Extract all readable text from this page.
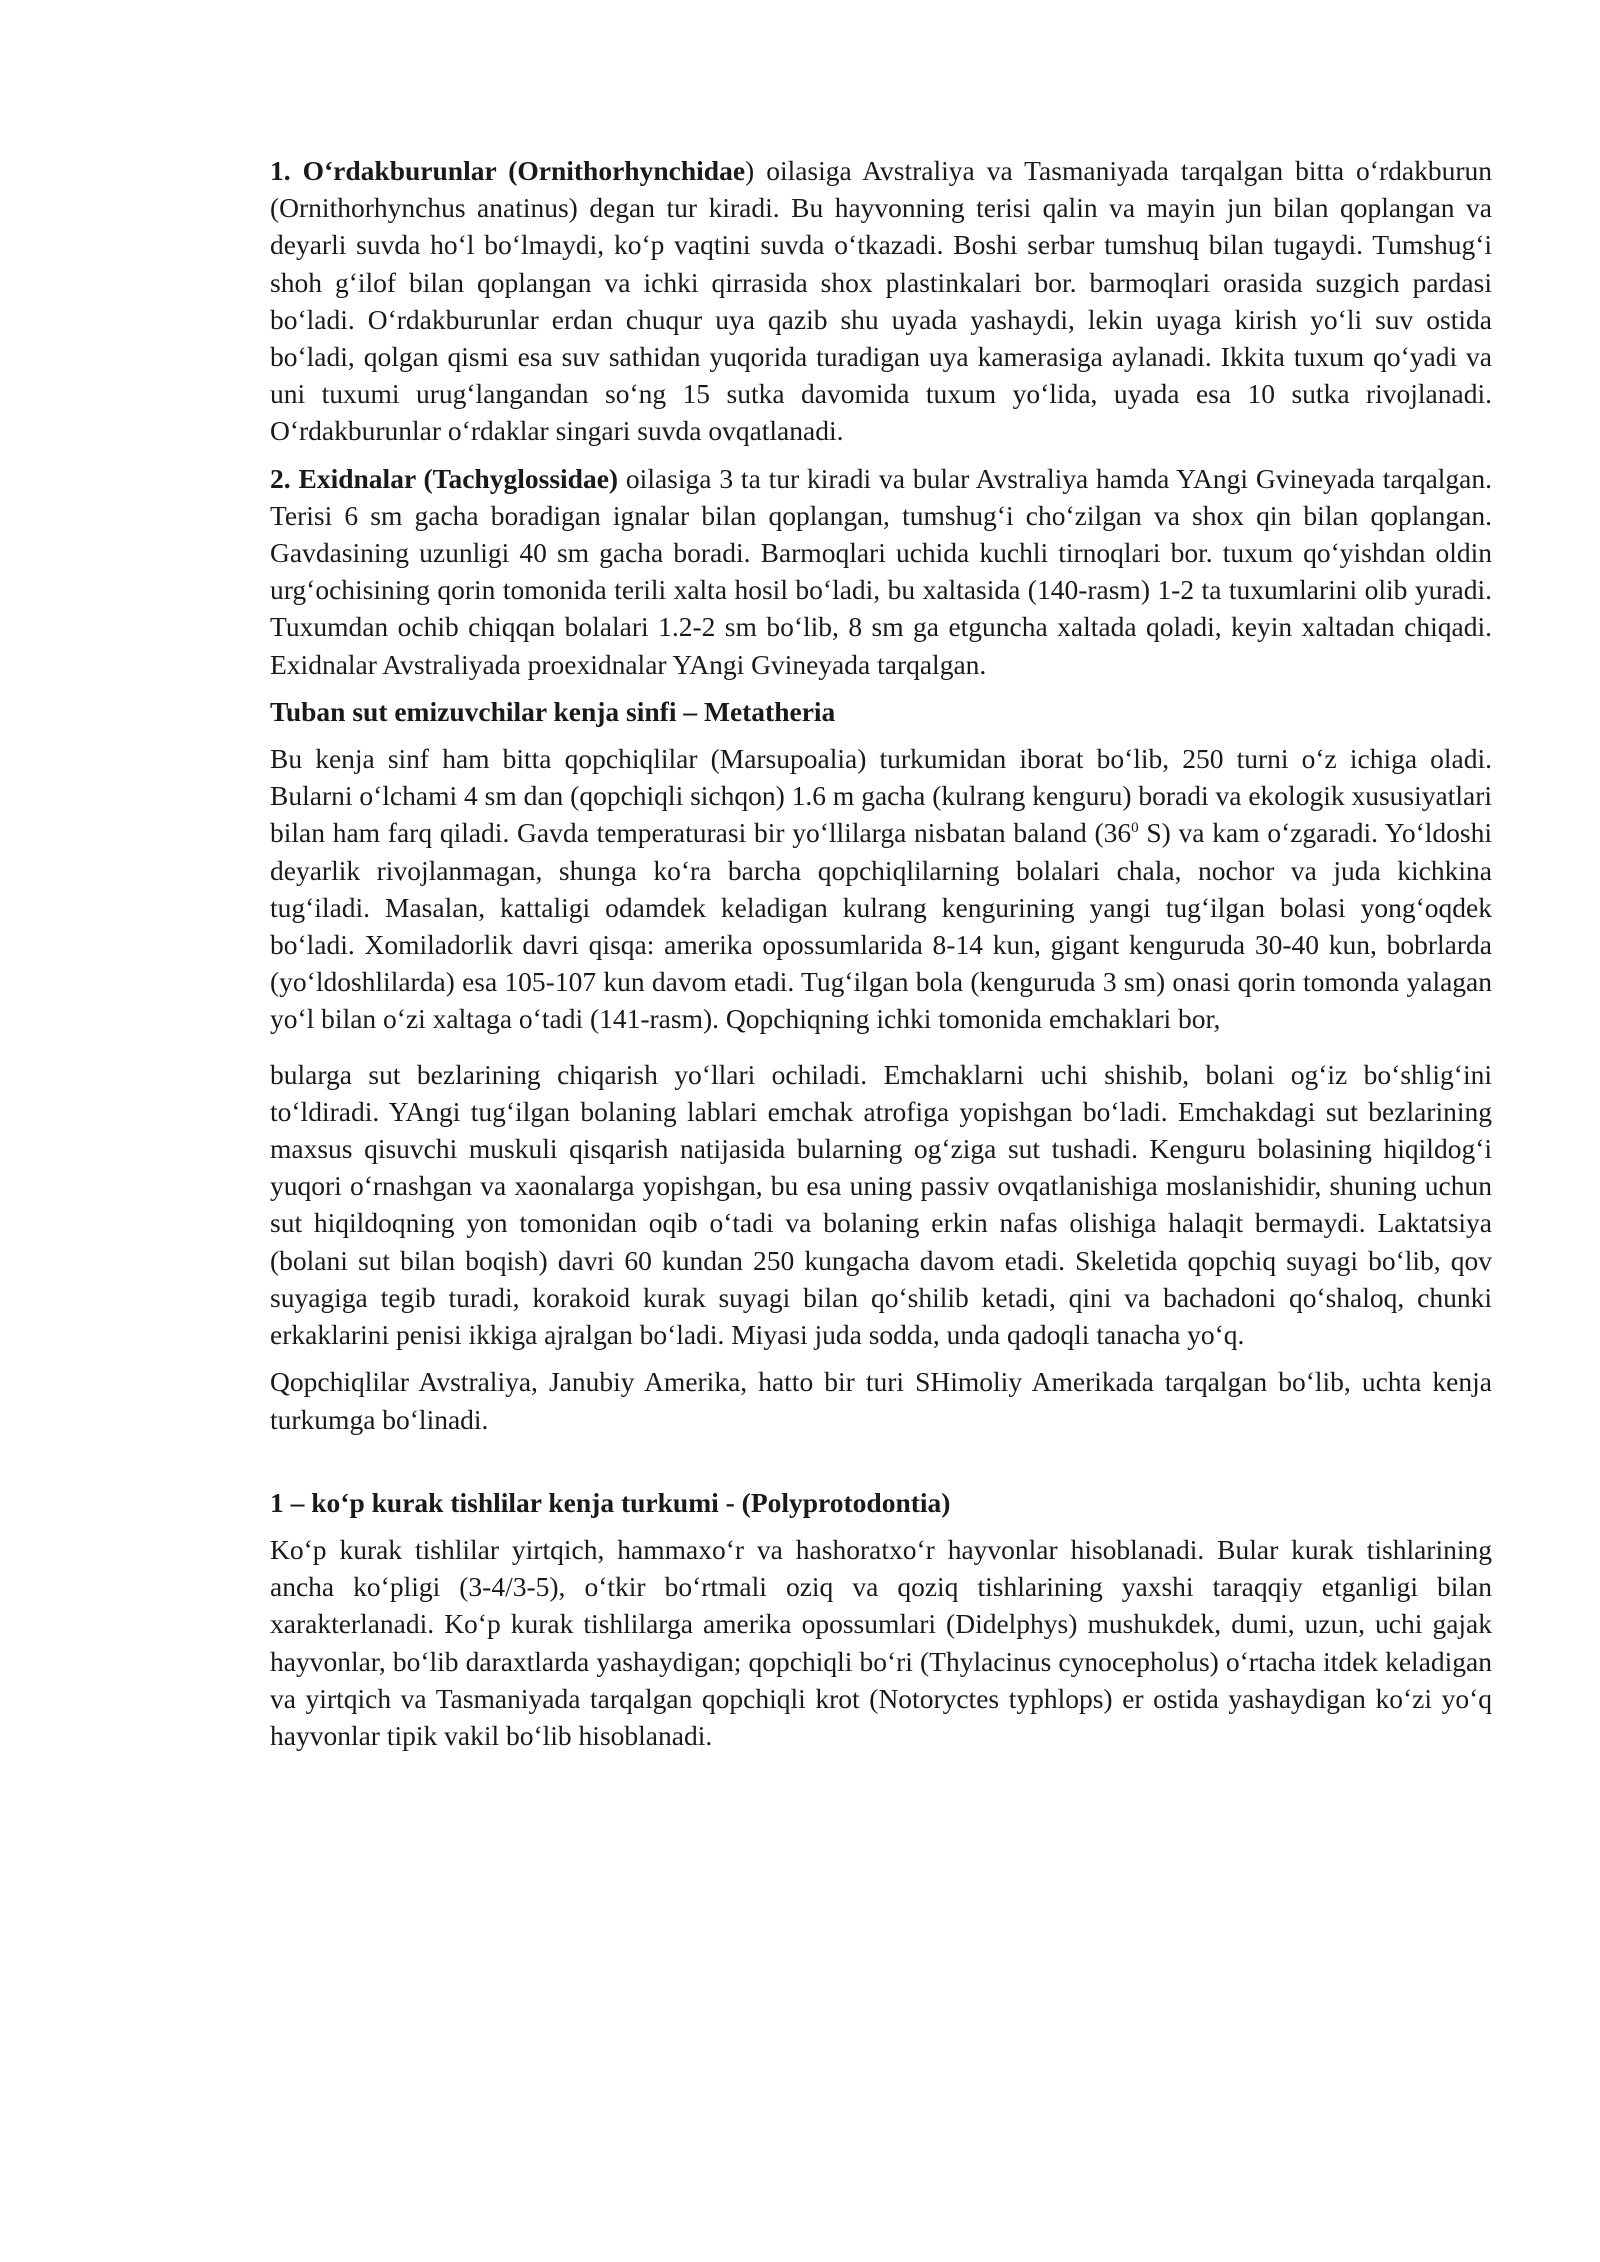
1. O‘rdakburunlar (Ornithorhynchidae) oilasiga Avstraliya va Tasmaniyada tarqalgan bitta o‘rdakburun (Ornithorhynchus anatinus) degan tur kiradi. Bu hayvonning terisi qalin va mayin jun bilan qoplangan va deyarli suvda ho‘l bo‘lmaydi, ko‘p vaqtini suvda o‘tkazadi. Boshi serbar tumshuq bilan tugaydi. Tumshug‘i shoh g‘ilof bilan qoplangan va ichki qirrasida shox plastinkalari bor. barmoqlari orasida suzgich pardasi bo‘ladi. O‘rdakburunlar erdan chuqur uya qazib shu uyada yashaydi, lekin uyaga kirish yo‘li suv ostida bo‘ladi, qolgan qismi esa suv sathidan yuqorida turadigan uya kamerasiga aylanadi. Ikkita tuxum qo‘yadi va uni tuxumi urug‘langandan so‘ng 15 sutka davomida tuxum yo‘lida, uyada esa 10 sutka rivojlanadi. O‘rdakburunlar o‘rdaklar singari suvda ovqatlanadi.

2. Exidnalar (Tachyglossidae) oilasiga 3 ta tur kiradi va bular Avstraliya hamda YAngi Gvineyada tarqalgan. Terisi 6 sm gacha boradigan ignalar bilan qoplangan, tumshug‘i cho‘zilgan va shox qin bilan qoplangan. Gavdasining uzunligi 40 sm gacha boradi. Barmoqlari uchida kuchli tirnoqlari bor. tuxum qo‘yishdan oldin urg‘ochisining qorin tomonida terili xalta hosil bo‘ladi, bu xaltasida (140-rasm) 1-2 ta tuxumlarini olib yuradi. Tuxumdan ochib chiqqan bolalari 1.2-2 sm bo‘lib, 8 sm ga etguncha xaltada qoladi, keyin xaltadan chiqadi. Exidnalar Avstraliyada proexidnalar YAngi Gvineyada tarqalgan.

Tuban sut emizuvchilar kenja sinfi – Metatheria

Bu kenja sinf ham bitta qopchiqlilar (Marsupoalia) turkumidan iborat bo‘lib, 250 turni o‘z ichiga oladi. Bularni o‘lchami 4 sm dan (qopchiqli sichqon) 1.6 m gacha (kulrang kenguru) boradi va ekologik xususiyatlari bilan ham farq qiladi. Gavda temperaturasi bir yo‘llilarga nisbatan baland ($36^0$ S) va kam o‘zgaradi. Yo‘ldoshi deyarlik rivojlanmagan, shunga ko‘ra barcha qopchiqlilarning bolalari chala, nochor va juda kichkina tug‘iladi. Masalan, kattaligi odamdek keladigan kulrang kengurining yangi tug‘ilgan bolasi yong‘oqdek bo‘ladi. Xomiladorlik davri qisqa: amerika opossumlarida 8-14 kun, gigant kenguruda 30-40 kun, bobrlarda (yo‘ldoshlilarda) esa 105-107 kun davom etadi. Tug‘ilgan bola (kenguruda 3 sm) onasi qorin tomonda yalagan yo‘l bilan o‘zi xaltaga o‘tadi (141-rasm). Qopchiqning ichki tomonida emchaklari bor,

bularga sut bezlarining chiqarish yo‘llari ochiladi. Emchaklarni uchi shishib, bolani og‘iz bo‘shlig‘ini to‘ldiradi. YAngi tug‘ilgan bolaning lablari emchak atrofiga yopishgan bo‘ladi. Emchakdagi sut bezlarining maxsus qisuvchi muskuli qisqarish natijasida bularning og‘ziga sut tushadi. Kenguru bolasining hiqildog‘i yuqori o‘rnashgan va xaonalarga yopishgan, bu esa uning passiv ovqatlanishiga moslanishidir, shuning uchun sut hiqildoqning yon tomonidan oqib o‘tadi va bolaning erkin nafas olishiga halaqit bermaydi. Laktatsiya (bolani sut bilan boqish) davri 60 kundan 250 kungacha davom etadi. Skeletida qopchiq suyagi bo‘lib, qov suyagiga tegib turadi, korakoid kurak suyagi bilan qo‘shilib ketadi, qini va bachadoni qo‘shaloq, chunki erkaklarini penisi ikkiga ajralgan bo‘ladi. Miyasi juda sodda, unda qadoqli tanacha yo‘q.

Qopchiqlilar Avstraliya, Janubiy Amerika, hatto bir turi SHimoliy Amerikada tarqalgan bo‘lib, uchta kenja turkumga bo‘linadi.

1 – ko‘p kurak tishlilar kenja turkumi - (Polyprotodontia)

Ko‘p kurak tishlilar yirtqich, hammaxo‘r va hashoratxo‘r hayvonlar hisoblanadi. Bular kurak tishlarining ancha ko‘pligi (3-4/3-5), o‘tkir bo‘rtmali oziq va qoziq tishlarining yaxshi taraqqiy etganligi bilan xarakterlanadi. Ko‘p kurak tishlilarga amerika opossumlari (Didelphys) mushukdek, dumi, uzun, uchi gajak hayvonlar, bo‘lib daraxtlarda yashaydigan; qopchiqli bo‘ri (Thylacinus cynocepholus) o‘rtacha itdek keladigan va yirtqich va Tasmaniyada tarqalgan qopchiqli krot (Notoryctes typhlops) er ostida yashaydigan ko‘zi yo‘q hayvonlar tipik vakil bo‘lib hisoblanadi.
